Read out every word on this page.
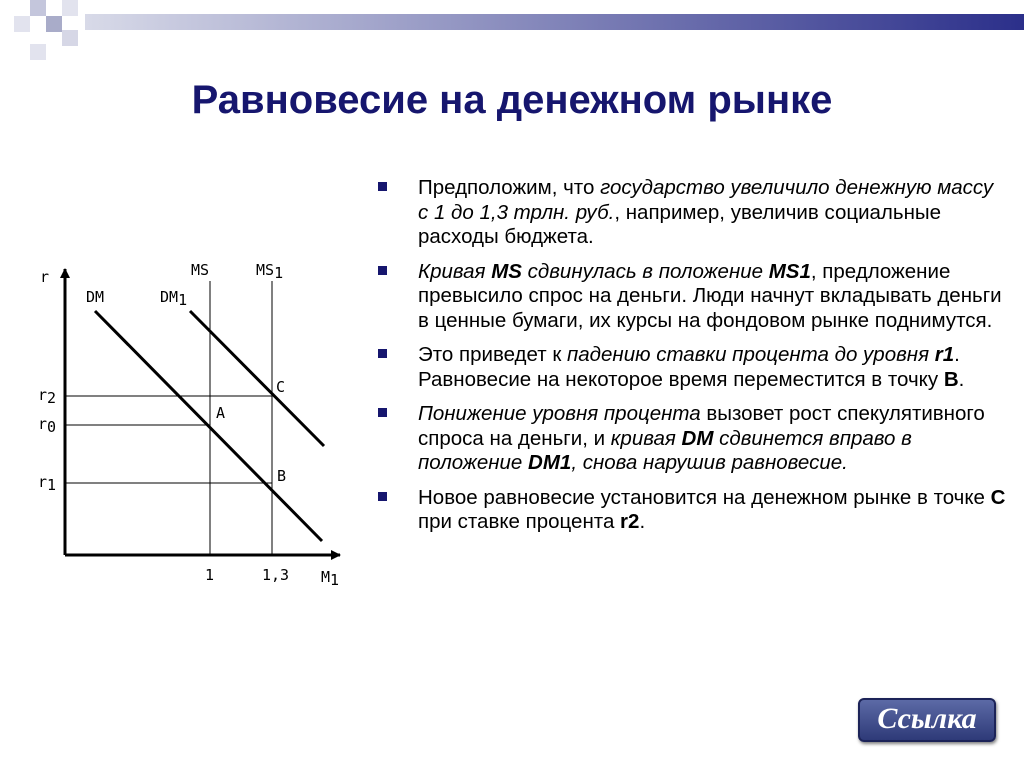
Равновесие на денежном рынке
r
M1
DM	DM1
MS	MS1
r2
r0
r1
A
B
C
1	1,3
Предположим, что государство увеличило денежную массу с 1 до 1,3 трлн. руб., например, увеличив социальные расходы бюджета.
Кривая MS сдвинулась в положение MS1, предложение превысило спрос на деньги. Люди начнут вкладывать деньги в ценные бумаги, их курсы на фондовом рынке поднимутся.
Это приведет к падению ставки процента до уровня r1. Равновесие на некоторое время переместится в точку B.
Понижение уровня процента вызовет рост спекулятивного спроса на деньги, и кривая DM сдвинется вправо в положение DM1, снова нарушив равновесие.
Новое равновесие установится на денежном рынке в точке C при ставке процента r2.
Ссылка
